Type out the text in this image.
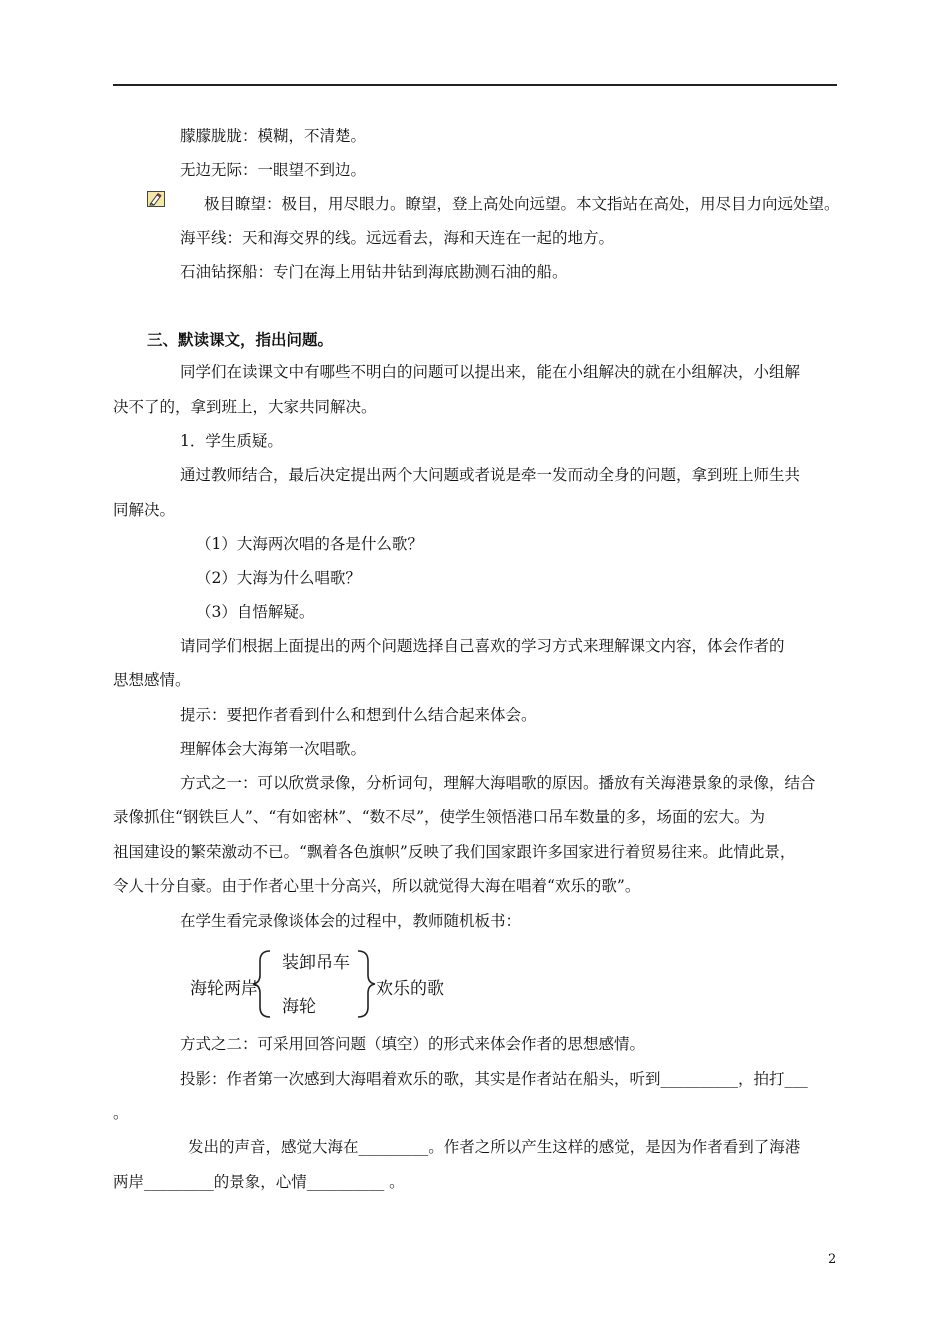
朦朦胧胧：模糊，不清楚。
无边无际：一眼望不到边。
极目瞭望：极目，用尽眼力。瞭望，登上高处向远望。本文指站在高处，用尽目力向远处望。
海平线：天和海交界的线。远远看去，海和天连在一起的地方。
石油钻探船：专门在海上用钻井钻到海底勘测石油的船。
三、默读课文，指出问题。
同学们在读课文中有哪些不明白的问题可以提出来，能在小组解决的就在小组解决，小组解
决不了的，拿到班上，大家共同解决。
1．学生质疑。
通过教师结合，最后决定提出两个大问题或者说是牵一发而动全身的问题，拿到班上师生共
同解决。
（1）大海两次唱的各是什么歌？
（2）大海为什么唱歌？
（3）自悟解疑。
请同学们根据上面提出的两个问题选择自己喜欢的学习方式来理解课文内容，体会作者的
思想感情。
提示：要把作者看到什么和想到什么结合起来体会。
理解体会大海第一次唱歌。
方式之一：可以欣赏录像，分析词句，理解大海唱歌的原因。播放有关海港景象的录像，结合
录像抓住“钢铁巨人”、“有如密林”、“数不尽”，使学生领悟港口吊车数量的多，场面的宏大。为
祖国建设的繁荣激动不已。“飘着各色旗帜”反映了我们国家跟许多国家进行着贸易往来。此情此景，
令人十分自豪。由于作者心里十分高兴，所以就觉得大海在唱着“欢乐的歌”。
在学生看完录像谈体会的过程中，教师随机板书：
海轮两岸
装卸吊车
海轮
欢乐的歌
方式之二：可采用回答问题（填空）的形式来体会作者的思想感情。
投影：作者第一次感到大海唱着欢乐的歌，其实是作者站在船头，听到__________，拍打___
。
发出的声音，感觉大海在_________。作者之所以产生这样的感觉，是因为作者看到了海港
两岸_________的景象，心情__________ 。
2
